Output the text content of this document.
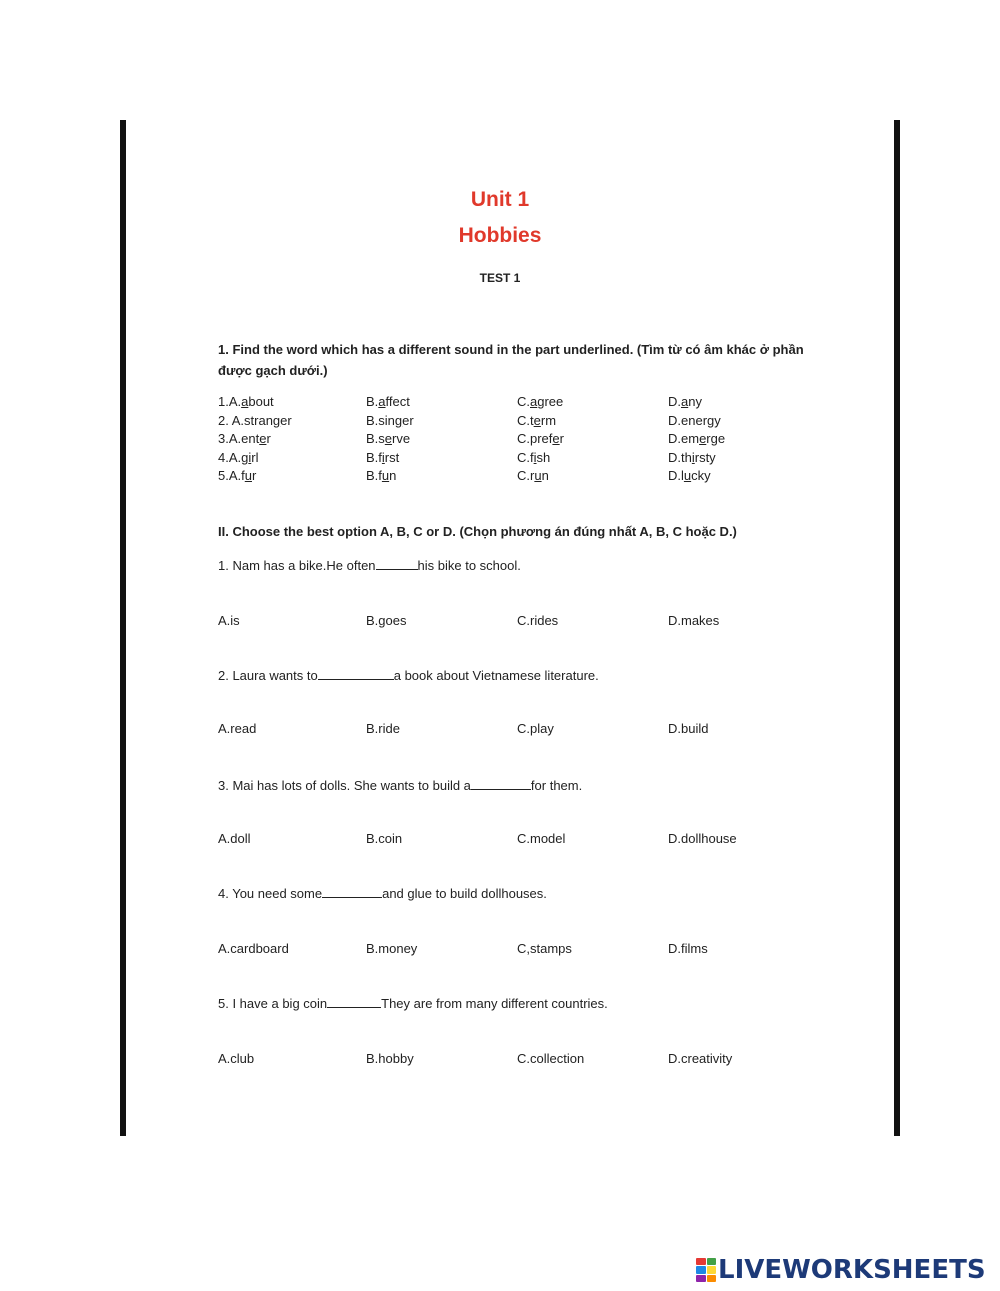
Unit 1
Hobbies
TEST 1
1. Find the word which has a different sound in the part underlined. (Tìm từ có âm khác ở phần được gạch dưới.)
1.A.about	B.affect	C.agree	D.any
2. A.stranger	B.singer	C.term	D.energy
3.A.enter	B.serve	C.prefer	D.emerge
4.A.girl	B.first	C.fish	D.thirsty
5.A.fur	B.fun	C.run	D.lucky
II. Choose the best option A, B, C or D. (Chọn phương án đúng nhất A, B, C hoặc D.)
1. Nam has a bike.He often	his bike to school.
A.is	B.goes	C.rides	D.makes
2. Laura wants to	a book about Vietnamese literature.
A.read	B.ride	C.play	D.build
3. Mai has lots of dolls. She wants to build a	for them.
A.doll	B.coin	C.model	D.dollhouse
4. You need some	and glue to build dollhouses.
A.cardboard	B.money	C,stamps	D.films
5. I have a big coin	They are from many different countries.
A.club	B.hobby	C.collection	D.creativity
LIVEWORKSHEETS
